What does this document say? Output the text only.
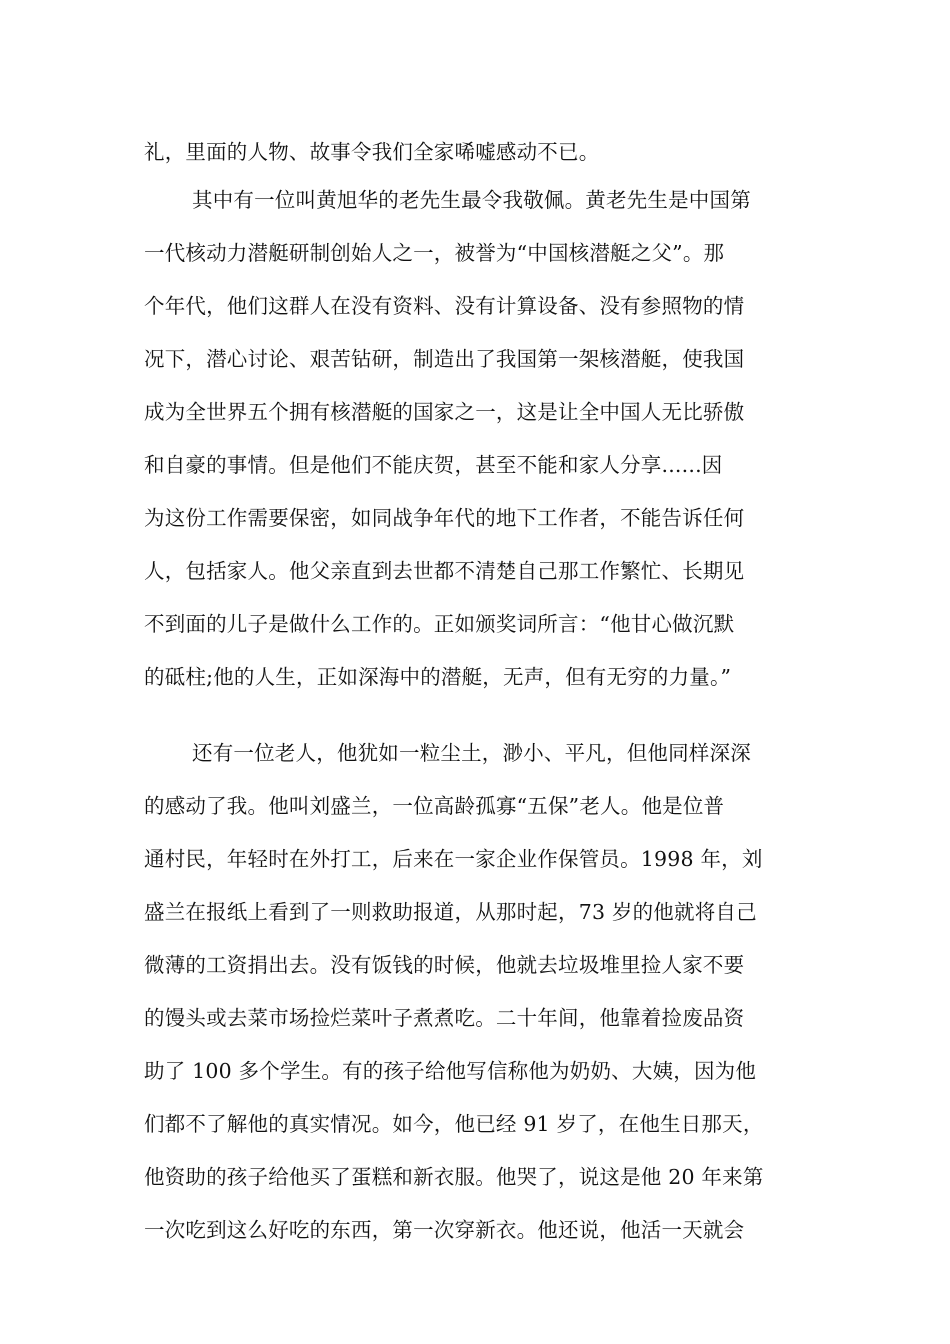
礼，里面的人物、故事令我们全家唏嘘感动不已。
其中有一位叫黄旭华的老先生最令我敬佩。黄老先生是中国第
一代核动力潜艇研制创始人之一，被誉为“中国核潜艇之父”。那
个年代，他们这群人在没有资料、没有计算设备、没有参照物的情
况下，潜心讨论、艰苦钻研，制造出了我国第一架核潜艇，使我国
成为全世界五个拥有核潜艇的国家之一，这是让全中国人无比骄傲
和自豪的事情。但是他们不能庆贺，甚至不能和家人分享......因
为这份工作需要保密，如同战争年代的地下工作者，不能告诉任何
人，包括家人。他父亲直到去世都不清楚自己那工作繁忙、长期见
不到面的儿子是做什么工作的。正如颁奖词所言：“他甘心做沉默
的砥柱;他的人生，正如深海中的潜艇，无声，但有无穷的力量。”
还有一位老人，他犹如一粒尘土，渺小、平凡，但他同样深深
的感动了我。他叫刘盛兰，一位高龄孤寡“五保”老人。他是位普
通村民，年轻时在外打工，后来在一家企业作保管员。1998 年，刘
盛兰在报纸上看到了一则救助报道，从那时起，73 岁的他就将自己
微薄的工资捐出去。没有饭钱的时候，他就去垃圾堆里捡人家不要
的馒头或去菜市场捡烂菜叶子煮煮吃。二十年间，他靠着捡废品资
助了 100 多个学生。有的孩子给他写信称他为奶奶、大姨，因为他
们都不了解他的真实情况。如今，他已经 91 岁了，在他生日那天，
他资助的孩子给他买了蛋糕和新衣服。他哭了，说这是他 20 年来第
一次吃到这么好吃的东西，第一次穿新衣。他还说，他活一天就会
